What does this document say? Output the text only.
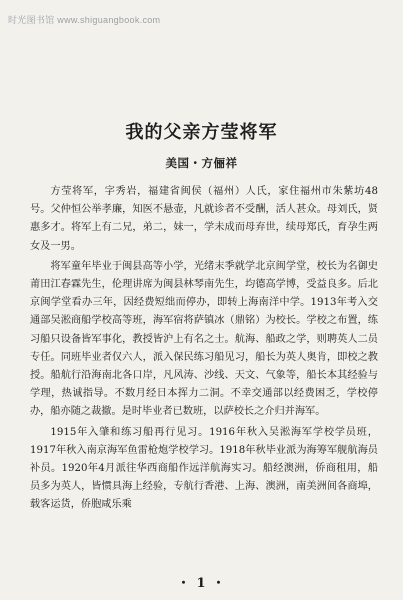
时光图书馆 www.shiguangbook.com
我的父亲方莹将军
美国・方俪祥

方莹将军，字秀岩，福建省闽侯（福州）人氏，家住福州市朱紫坊48号。父仲恒公举孝廉，知医不悬壶，凡就诊者不受酬，活人甚众。母刘氏，贤惠多才。将军上有二兄，弟二，妹一，学未成而母弃世，续母郑氏，育孕生两女及一男。

将军童年毕业于闽县高等小学，光绪末季就学北京闽学堂，校长为名御史莆田江春霖先生，伦理讲席为闽县林琴南先生，均德高学博，受益良多。后北京闽学堂看办三年，因经费短绌而停办，即转上海南洋中学。1913年考入交通部吴淞商船学校高等班，海军宿将萨镇冰（鼎铭）为校长。学校之布置，练习船只设备皆军事化，教授皆沪上有名之士。航海、船政之学，则聘英人二员专任。同班毕业者仅六人，派入保民练习船见习，船长为英人奥肯，即校之教授。船航行沿海南北各口岸，凡风涛、沙线、天文、气象等，船长本其经验与学理，热诚指导。不数月经日本挥力二洞。不幸交通部以经费困乏，学校停办，船亦随之裁撤。是时毕业者已数班，以萨校长之介归并海军。

1915年入肇和练习船再行见习。1916年秋入吴淞海军学校学员班，1917年秋入南京海军鱼雷枪炮学校学习。1918年秋毕业派为海筹军舰航海员补员。1920年4月派往华西商船作远洋航海实习。船经澳洲，侨商租用，船员多为英人，皆惯具海上经验，专航行香港、上海、澳洲，南美洲间各商埠，载客运货，侨胞咸乐乘

・ 1 ・
